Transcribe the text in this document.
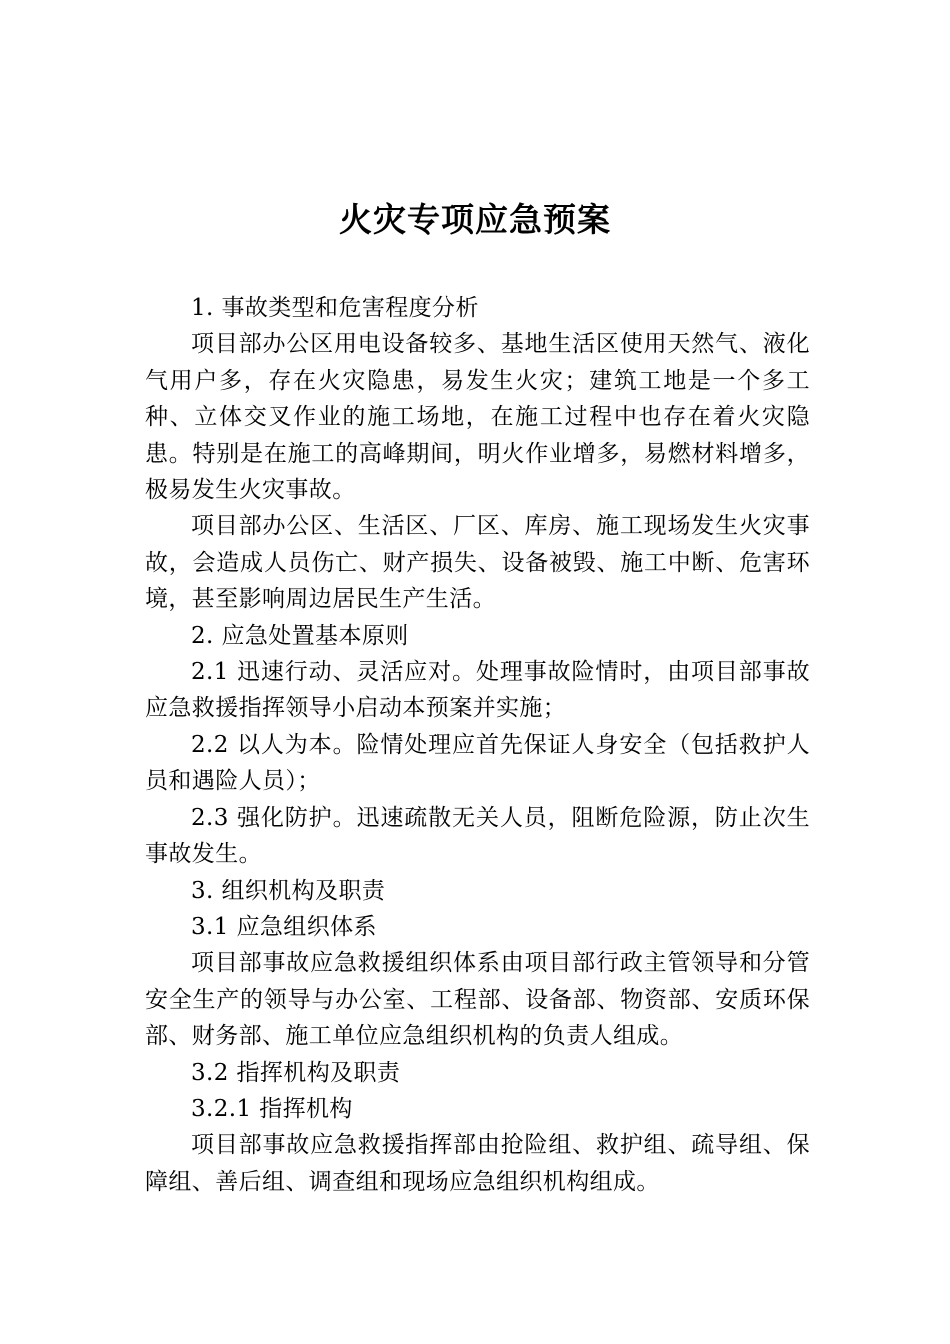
火灾专项应急预案

1. 事故类型和危害程度分析

项目部办公区用电设备较多、基地生活区使用天然气、液化气用户多，存在火灾隐患，易发生火灾；建筑工地是一个多工种、立体交叉作业的施工场地，在施工过程中也存在着火灾隐患。特别是在施工的高峰期间，明火作业增多，易燃材料增多，极易发生火灾事故。

项目部办公区、生活区、厂区、库房、施工现场发生火灾事故，会造成人员伤亡、财产损失、设备被毁、施工中断、危害环境，甚至影响周边居民生产生活。

2. 应急处置基本原则

2.1 迅速行动、灵活应对。处理事故险情时，由项目部事故应急救援指挥领导小启动本预案并实施；

2.2 以人为本。险情处理应首先保证人身安全（包括救护人员和遇险人员）；

2.3 强化防护。迅速疏散无关人员，阻断危险源，防止次生事故发生。

3. 组织机构及职责

3.1 应急组织体系

项目部事故应急救援组织体系由项目部行政主管领导和分管安全生产的领导与办公室、工程部、设备部、物资部、安质环保部、财务部、施工单位应急组织机构的负责人组成。

3.2 指挥机构及职责

3.2.1 指挥机构

项目部事故应急救援指挥部由抢险组、救护组、疏导组、保障组、善后组、调查组和现场应急组织机构组成。
